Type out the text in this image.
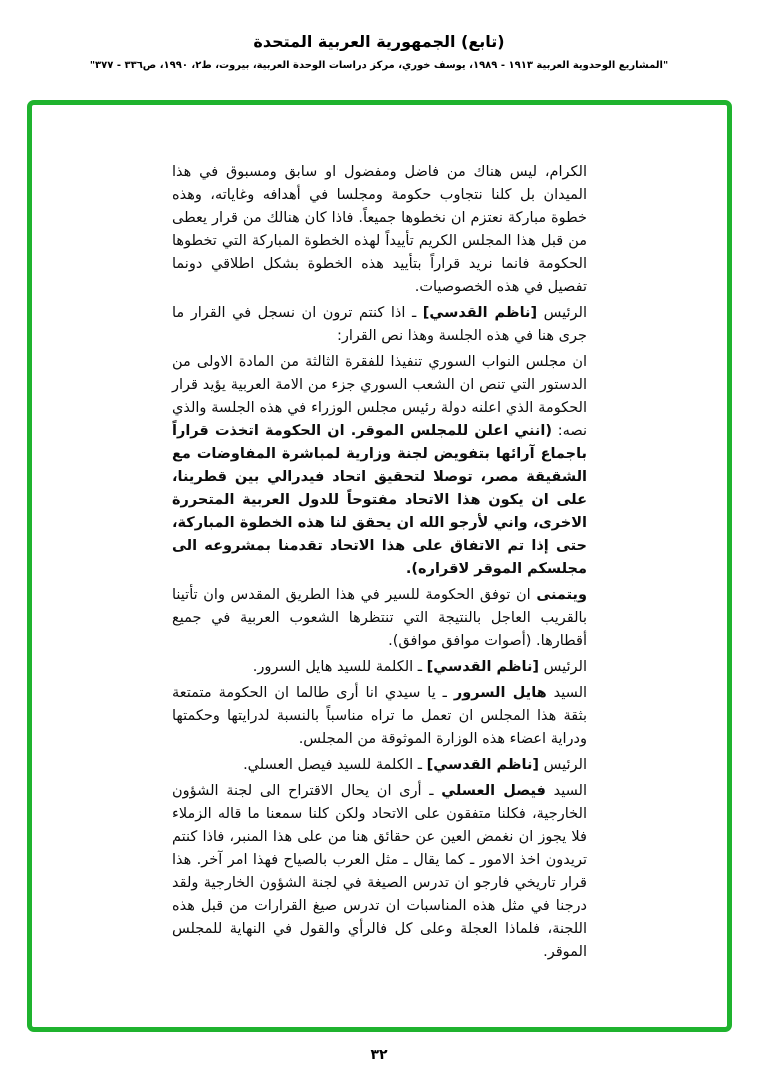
(تابع) الجمهورية العربية المتحدة
"المشاريع الوحدوية العربية ١٩١٣ - ١٩٨٩، يوسف خوري، مركز دراسات الوحدة العربية، بيروت، ط٢، ١٩٩٠، ص٣٣٦ - ٣٧٧"

الكرام، ليس هناك من فاضل ومفضول او سابق ومسبوق في هذا الميدان بل كلنا نتجاوب حكومة ومجلسا في أهدافه وغاياته، وهذه خطوة مباركة نعتزم ان نخطوها جميعاً. فاذا كان هنالك من قرار يعطى من قبل هذا المجلس الكريم تأييداً لهذه الخطوة المباركة التي تخطوها الحكومة فانما نريد قراراً بتأييد هذه الخطوة بشكل اطلاقي دونما تفصيل في هذه الخصوصيات.

الرئيس [ناظم القدسي] ـ اذا كنتم ترون ان نسجل في القرار ما جرى هنا في هذه الجلسة وهذا نص القرار:

ان مجلس النواب السوري تنفيذا للفقرة الثالثة من المادة الاولى من الدستور التي تنص ان الشعب السوري جزء من الامة العربية يؤيد قرار الحكومة الذي اعلنه دولة رئيس مجلس الوزراء في هذه الجلسة والذي نصه: (انني اعلن للمجلس الموقر. ان الحكومة اتخذت قراراً باجماع آرائها بتفويض لجنة وزارية لمباشرة المفاوضات مع الشقيقة مصر، توصلا لتحقيق اتحاد فيدرالي بين قطرينا، على ان يكون هذا الاتحاد مفتوحاً للدول العربية المتحررة الاخرى، واني لأرجو الله ان يحقق لنا هذه الخطوة المباركة، حتى إذا تم الاتفاق على هذا الاتحاد تقدمنا بمشروعه الى مجلسكم الموقر لاقراره).

ويتمنى ان توفق الحكومة للسير في هذا الطريق المقدس وان تأتينا بالقريب العاجل بالنتيجة التي تنتظرها الشعوب العربية في جميع أقطارها. (أصوات موافق موافق).

الرئيس [ناظم القدسي] ـ الكلمة للسيد هايل السرور.

السيد هايل السرور ـ يا سيدي انا أرى طالما ان الحكومة متمتعة بثقة هذا المجلس ان تعمل ما تراه مناسباً بالنسبة لدرايتها وحكمتها ودراية اعضاء هذه الوزارة الموثوقة من المجلس.

الرئيس [ناظم القدسي] ـ الكلمة للسيد فيصل العسلي.

السيد فيصل العسلي ـ أرى ان يحال الاقتراح الى لجنة الشؤون الخارجية، فكلنا متفقون على الاتحاد ولكن كلنا سمعنا ما قاله الزملاء فلا يجوز ان نغمض العين عن حقائق هنا من على هذا المنبر، فاذا كنتم تريدون اخذ الامور ـ كما يقال ـ مثل العرب بالصياح فهذا امر آخر. هذا قرار تاريخي فارجو ان تدرس الصيغة في لجنة الشؤون الخارجية ولقد درجنا في مثل هذه المناسبات ان تدرس صيغ القرارات من قبل هذه اللجنة، فلماذا العجلة وعلى كل فالرأي والقول في النهاية للمجلس الموقر.

٣٢
